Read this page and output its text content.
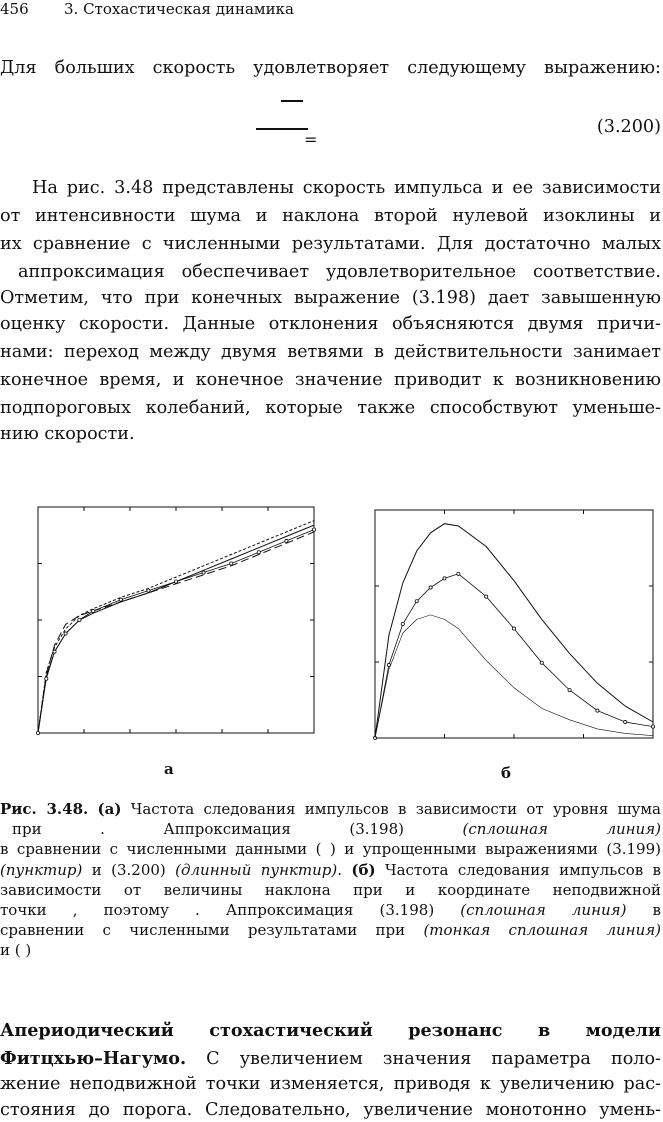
456 3. Стохастическая динамика
Для больших скорость удовлетворяет следующему выражению:
=
(3.200)
На рис. 3.48 представлены скорость импульса и ее зависимости
от интенсивности шума и наклона второй нулевой изоклины и
их сравнение с численными результатами. Для достаточно малых
аппроксимация обеспечивает удовлетворительное соответствие.
Отметим, что при конечных выражение (3.198) дает завышенную
оценку скорости. Данные отклонения объясняются двумя причи-
нами: переход между двумя ветвями в действительности занимает
конечное время, и конечное значение приводит к возникновению
подпороговых колебаний, которые также способствуют уменьше-
нию скорости.
а	б
Рис. 3.48. (а) Частота следования импульсов в зависимости от уровня шума
при . Аппроксимация (3.198) (сплошная линия)
в сравнении с численными данными ( ) и упрощенными выражениями (3.199)
(пунктир) и (3.200) (длинный пунктир). (б) Частота следования импульсов в
зависимости от величины наклона при и координате неподвижной
точки , поэтому . Аппроксимация (3.198) (сплошная линия) в
сравнении с численными результатами при (тонкая сплошная линия)
и ( )
Апериодический стохастический резонанс в модели
Фитцхью–Нагумо. С увеличением значения параметра поло-
жение неподвижной точки изменяется, приводя к увеличению рас-
стояния до порога. Следовательно, увеличение монотонно умень-
